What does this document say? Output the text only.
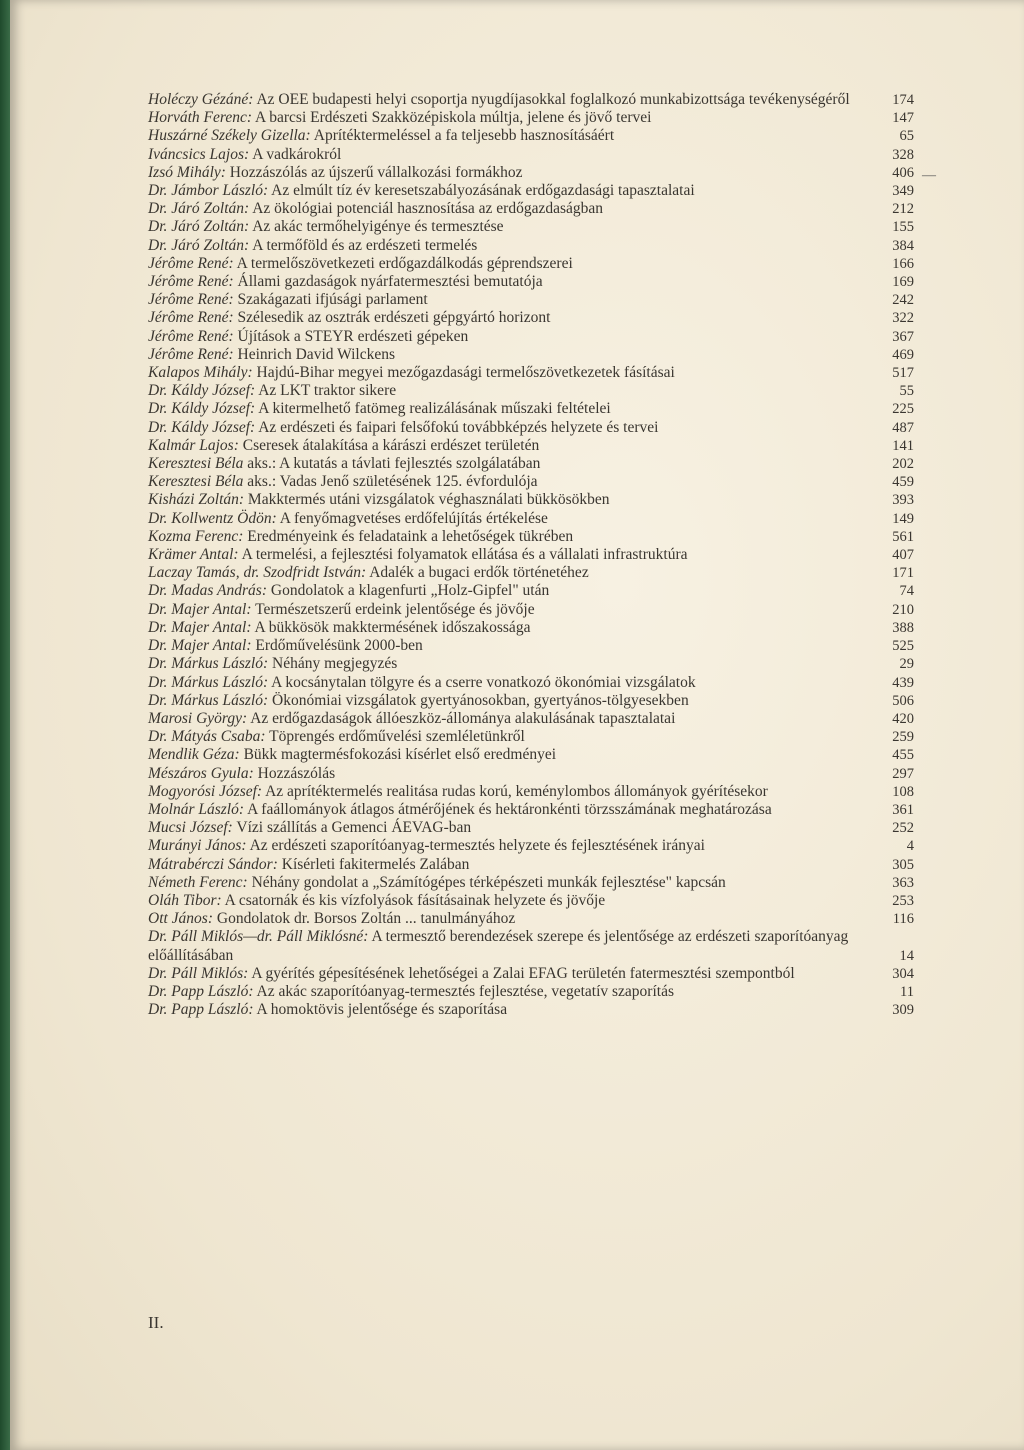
—
Holéczy Gézáné: Az OEE budapesti helyi csoportja nyugdíjasokkal foglalkozó munkabizottsága tevékenységéről	174
Horváth Ferenc: A barcsi Erdészeti Szakközépiskola múltja, jelene és jövő tervei	147
Huszárné Székely Gizella: Aprítéktermeléssel a fa teljesebb hasznosításáért	65
Iváncsics Lajos: A vadkárokról	328
Izsó Mihály: Hozzászólás az újszerű vállalkozási formákhoz	406
Dr. Jámbor László: Az elmúlt tíz év keresetszabályozásának erdőgazdasági tapasztalatai	349
Dr. Járó Zoltán: Az ökológiai potenciál hasznosítása az erdőgazdaságban	212
Dr. Járó Zoltán: Az akác termőhelyigénye és termesztése	155
Dr. Járó Zoltán: A termőföld és az erdészeti termelés	384
Jérôme René: A termelőszövetkezeti erdőgazdálkodás géprendszerei	166
Jérôme René: Állami gazdaságok nyárfatermesztési bemutatója	169
Jérôme René: Szakágazati ifjúsági parlament	242
Jérôme René: Szélesedik az osztrák erdészeti gépgyártó horizont	322
Jérôme René: Újítások a STEYR erdészeti gépeken	367
Jérôme René: Heinrich David Wilckens	469
Kalapos Mihály: Hajdú-Bihar megyei mezőgazdasági termelőszövetkezetek fásításai	517
Dr. Káldy József: Az LKT traktor sikere	55
Dr. Káldy József: A kitermelhető fatömeg realizálásának műszaki feltételei	225
Dr. Káldy József: Az erdészeti és faipari felsőfokú továbbképzés helyzete és tervei	487
Kalmár Lajos: Cseresek átalakítása a kárászi erdészet területén	141
Keresztesi Béla aks.: A kutatás a távlati fejlesztés szolgálatában	202
Keresztesi Béla aks.: Vadas Jenő születésének 125. évfordulója	459
Kisházi Zoltán: Makktermés utáni vizsgálatok véghasználati bükkösökben	393
Dr. Kollwentz Ödön: A fenyőmagvetéses erdőfelújítás értékelése	149
Kozma Ferenc: Eredményeink és feladataink a lehetőségek tükrében	561
Krämer Antal: A termelési, a fejlesztési folyamatok ellátása és a vállalati infrastruktúra	407
Laczay Tamás, dr. Szodfridt István: Adalék a bugaci erdők történetéhez	171
Dr. Madas András: Gondolatok a klagenfurti „Holz-Gipfel" után	74
Dr. Majer Antal: Természetszerű erdeink jelentősége és jövője	210
Dr. Majer Antal: A bükkösök makktermésének időszakossága	388
Dr. Majer Antal: Erdőművelésünk 2000-ben	525
Dr. Márkus László: Néhány megjegyzés	29
Dr. Márkus László: A kocsánytalan tölgyre és a cserre vonatkozó ökonómiai vizsgálatok	439
Dr. Márkus László: Ökonómiai vizsgálatok gyertyánosokban, gyertyános-tölgyesekben	506
Marosi György: Az erdőgazdaságok állóeszköz-állománya alakulásának tapasztalatai	420
Dr. Mátyás Csaba: Töprengés erdőművelési szemléletünkről	259
Mendlik Géza: Bükk magtermésfokozási kísérlet első eredményei	455
Mészáros Gyula: Hozzászólás	297
Mogyorósi József: Az aprítéktermelés realitása rudas korú, keménylombos állományok gyérítésekor	108
Molnár László: A faállományok átlagos átmérőjének és hektáronkénti törzsszámának meghatározása	361
Mucsi József: Vízi szállítás a Gemenci ÁEVAG-ban	252
Murányi János: Az erdészeti szaporítóanyag-termesztés helyzete és fejlesztésének irányai	4
Mátrabérczi Sándor: Kísérleti fakitermelés Zalában	305
Németh Ferenc: Néhány gondolat a „Számítógépes térképészeti munkák fejlesztése" kapcsán	363
Oláh Tibor: A csatornák és kis vízfolyások fásításainak helyzete és jövője	253
Ott János: Gondolatok dr. Borsos Zoltán ... tanulmányához	116
Dr. Páll Miklós—dr. Páll Miklósné: A termesztő berendezések szerepe és jelentősége az erdészeti szaporítóanyag előállításában	14
Dr. Páll Miklós: A gyérítés gépesítésének lehetőségei a Zalai EFAG területén fatermesztési szempontból	304
Dr. Papp László: Az akác szaporítóanyag-termesztés fejlesztése, vegetatív szaporítás	11
Dr. Papp László: A homoktövis jelentősége és szaporítása	309
II.
